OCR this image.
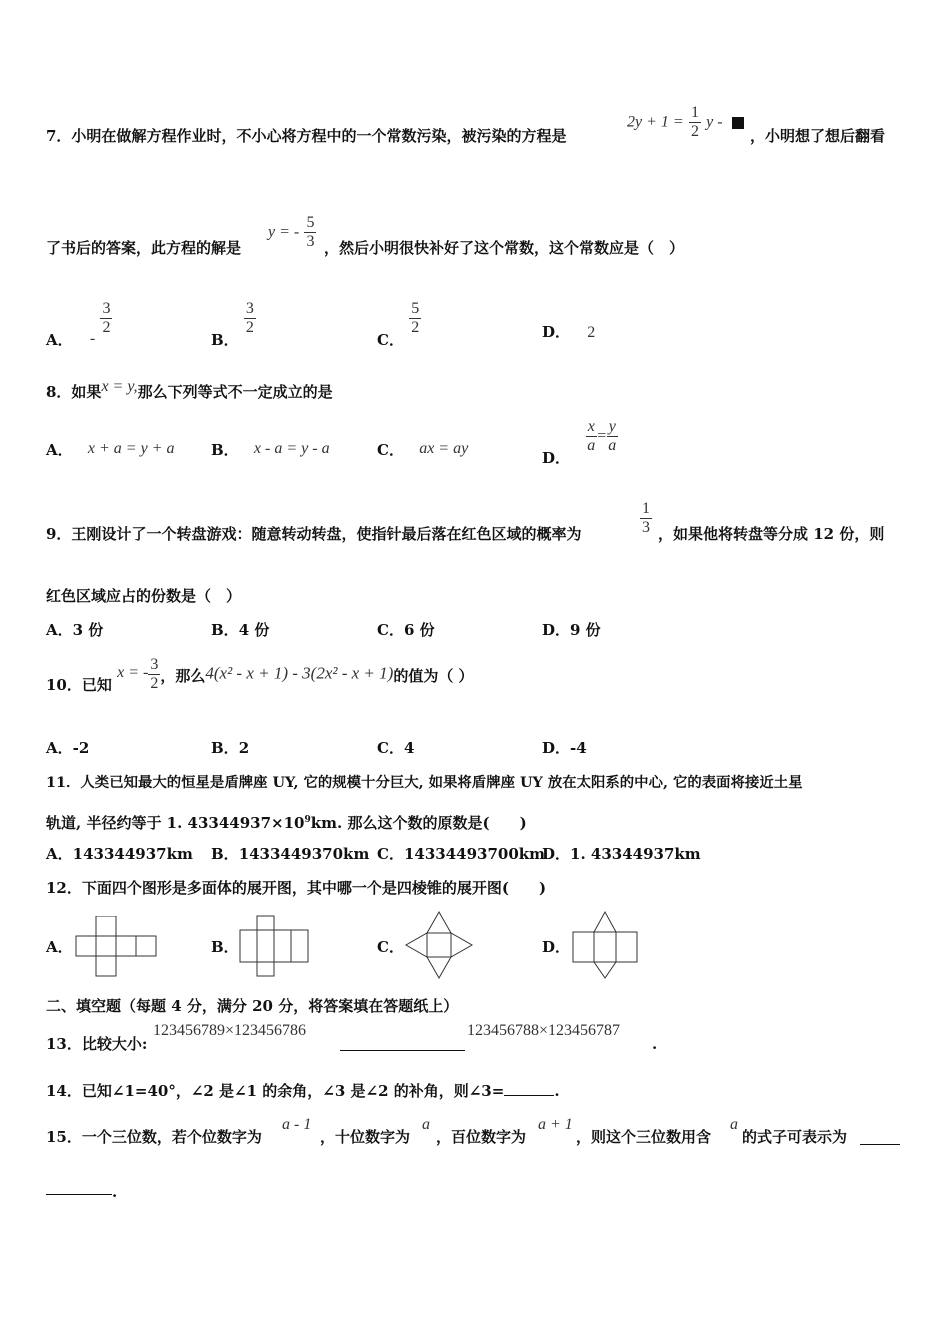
7．小明在做解方程作业时，不小心将方程中的一个常数污染，被污染的方程是
$2y + 1 = \frac{1}{2}$ y -
，小明想了想后翻看
了书后的答案，此方程的解是
y = - $\frac{5}{3}$ ，然后小明很快补好了这个常数，这个常数应是（　）
A． -
$\frac{3}{2}$
B．
$\frac{3}{2}$
C．
$\frac{5}{2}$	D． 2
8．如果x = y,那么下列等式不一定成立的是
A． x + a = y + a B． x - a = y - a	C． ax = ay	D．
$\frac{x}{a} = \frac{y}{a}$
9．王刚设计了一个转盘游戏：随意转动转盘，使指针最后落在红色区域的概率为	$\frac{1}{3}$ ，如果他将转盘等分成 12 份，则
红色区域应占的份数是（　）
A．3 份	B．4 份	C．6 份	D．9 份
10．已知 x = - $\frac{3}{2}$ ，那么4(x² - x + 1) - 3(2x² - x + 1)的值为（ ）
A．-2	B．2	C．4	D．-4
11．人类已知最大的恒星是盾牌座 UY, 它的规模十分巨大, 如果将盾牌座 UY 放在太阳系的中心, 它的表面将接近土星
轨道, 半径约等于 1. $43344937\times 10^9km$. 那么这个数的原数是(　　)
A．143344937km B．1433449370km C．14334493700km
D．1. 43344937km
12．下面四个图形是多面体的展开图，其中哪一个是四棱锥的展开图(　　)
A．	B．	C．	D．
二、填空题（每题 4 分，满分 20 分，将答案填在答题纸上）
13．比较大小:
123456789×123456786	123456788×123456787
.
14．已知∠1=40°，∠2 是∠1 的余角，∠3 是∠2 的补角，则∠3=	.
15．一个三位数，若个位数字为
a - 1
，十位数字为
a
，百位数字为
a + 1
，则这个三位数用含
a
的式子可表示为
.
